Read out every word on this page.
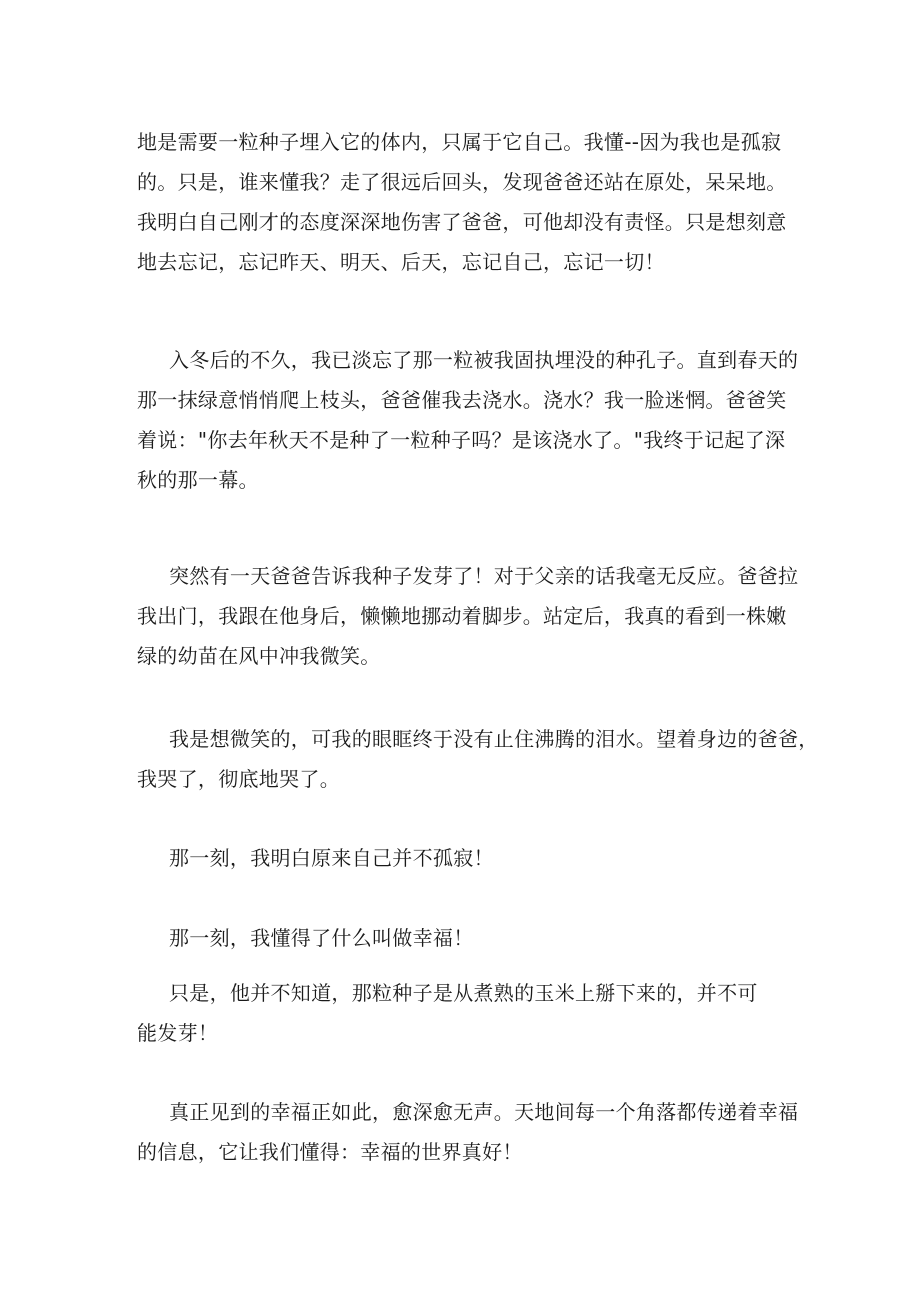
地是需要一粒种子埋入它的体内，只属于它自己。我懂--因为我也是孤寂
的。只是，谁来懂我？走了很远后回头，发现爸爸还站在原处，呆呆地。
我明白自己刚才的态度深深地伤害了爸爸，可他却没有责怪。只是想刻意
地去忘记，忘记昨天、明天、后天，忘记自己，忘记一切！

入冬后的不久，我已淡忘了那一粒被我固执埋没的种孔子。直到春天的
那一抹绿意悄悄爬上枝头，爸爸催我去浇水。浇水？我一脸迷惘。爸爸笑
着说："你去年秋天不是种了一粒种子吗？是该浇水了。"我终于记起了深
秋的那一幕。

突然有一天爸爸告诉我种子发芽了！对于父亲的话我毫无反应。爸爸拉
我出门，我跟在他身后，懒懒地挪动着脚步。站定后，我真的看到一株嫩
绿的幼苗在风中冲我微笑。

我是想微笑的，可我的眼眶终于没有止住沸腾的泪水。望着身边的爸爸，
我哭了，彻底地哭了。

那一刻，我明白原来自己并不孤寂！

那一刻，我懂得了什么叫做幸福！

只是，他并不知道，那粒种子是从煮熟的玉米上掰下来的，并不可
能发芽！

真正见到的幸福正如此，愈深愈无声。天地间每一个角落都传递着幸福
的信息，它让我们懂得：幸福的世界真好！
